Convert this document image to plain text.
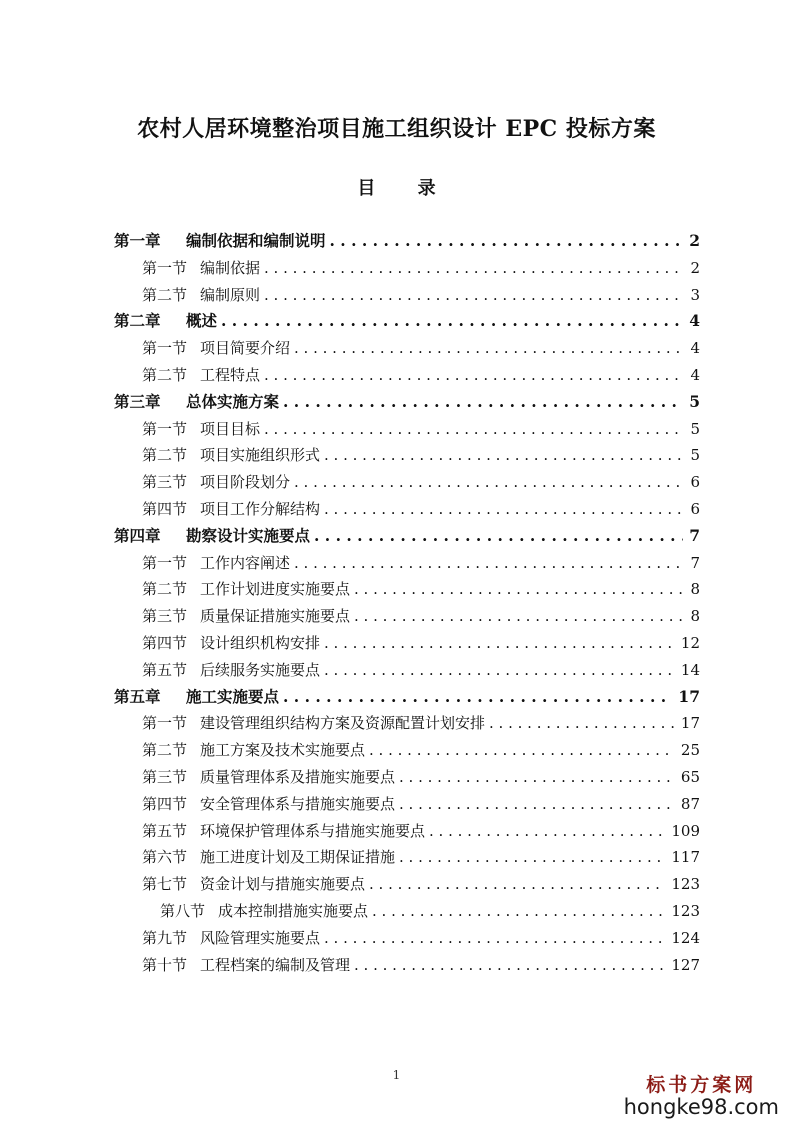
农村人居环境整治项目施工组织设计 EPC 投标方案
目 录
第一章	编制依据和编制说明 . . .	2
第一节 编制依据 . . .	2
第二节 编制原则 . . .	3
第二章	概述 . . .	4
第一节 项目简要介绍 . . .	4
第二节 工程特点 . . .	4
第三章	总体实施方案 . . .	5
第一节 项目目标 . . .	5
第二节 项目实施组织形式 . . .	5
第三节 项目阶段划分 . . .	6
第四节 项目工作分解结构 . . .	6
第四章	勘察设计实施要点 . . .	7
第一节 工作内容阐述 . . .	7
第二节 工作计划进度实施要点 . . .	8
第三节 质量保证措施实施要点 . . .	8
第四节 设计组织机构安排 . . .	12
第五节 后续服务实施要点 . . .	14
第五章	施工实施要点 . . .	17
第一节 建设管理组织结构方案及资源配置计划安排 . . .	17
第二节 施工方案及技术实施要点 . . .	25
第三节 质量管理体系及措施实施要点 . . .	65
第四节 安全管理体系与措施实施要点 . . .	87
第五节 环境保护管理体系与措施实施要点 . . .	109
第六节 施工进度计划及工期保证措施 . . .	117
第七节 资金计划与措施实施要点 . . .	123
第八节 成本控制措施实施要点 . . .	123
第九节 风险管理实施要点 . . .	124
第十节 工程档案的编制及管理 . . .	127
1	标书方案网
hongke98.com
